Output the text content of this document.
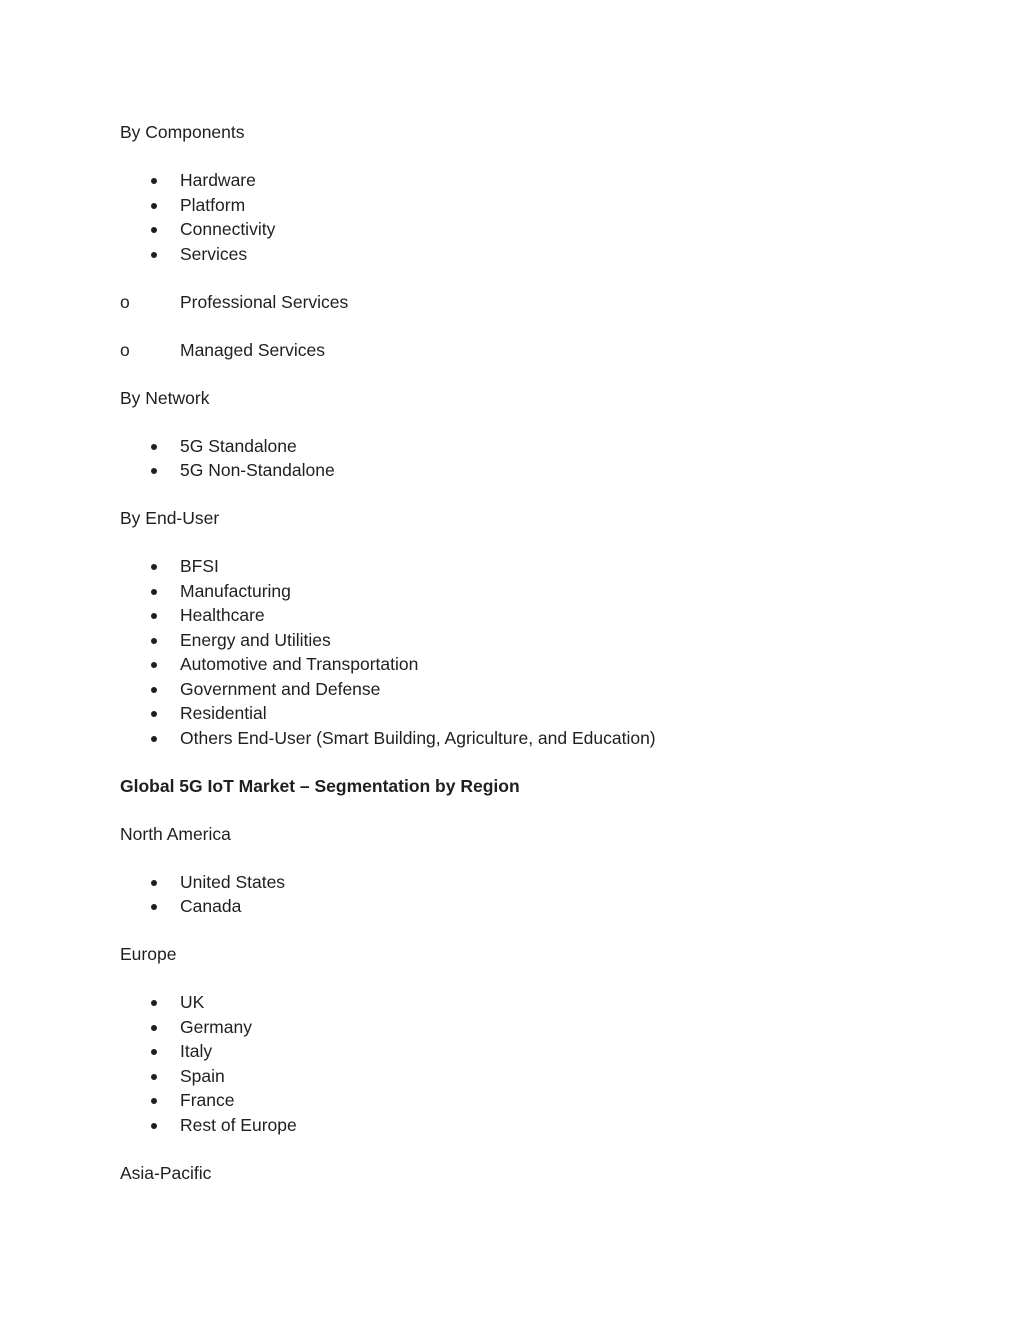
By Components
Hardware
Platform
Connectivity
Services
o	Professional Services
o	Managed Services
By Network
5G Standalone
5G Non-Standalone
By End-User
BFSI
Manufacturing
Healthcare
Energy and Utilities
Automotive and Transportation
Government and Defense
Residential
Others End-User (Smart Building, Agriculture, and Education)
Global 5G IoT Market – Segmentation by Region
North America
United States
Canada
Europe
UK
Germany
Italy
Spain
France
Rest of Europe
Asia-Pacific
